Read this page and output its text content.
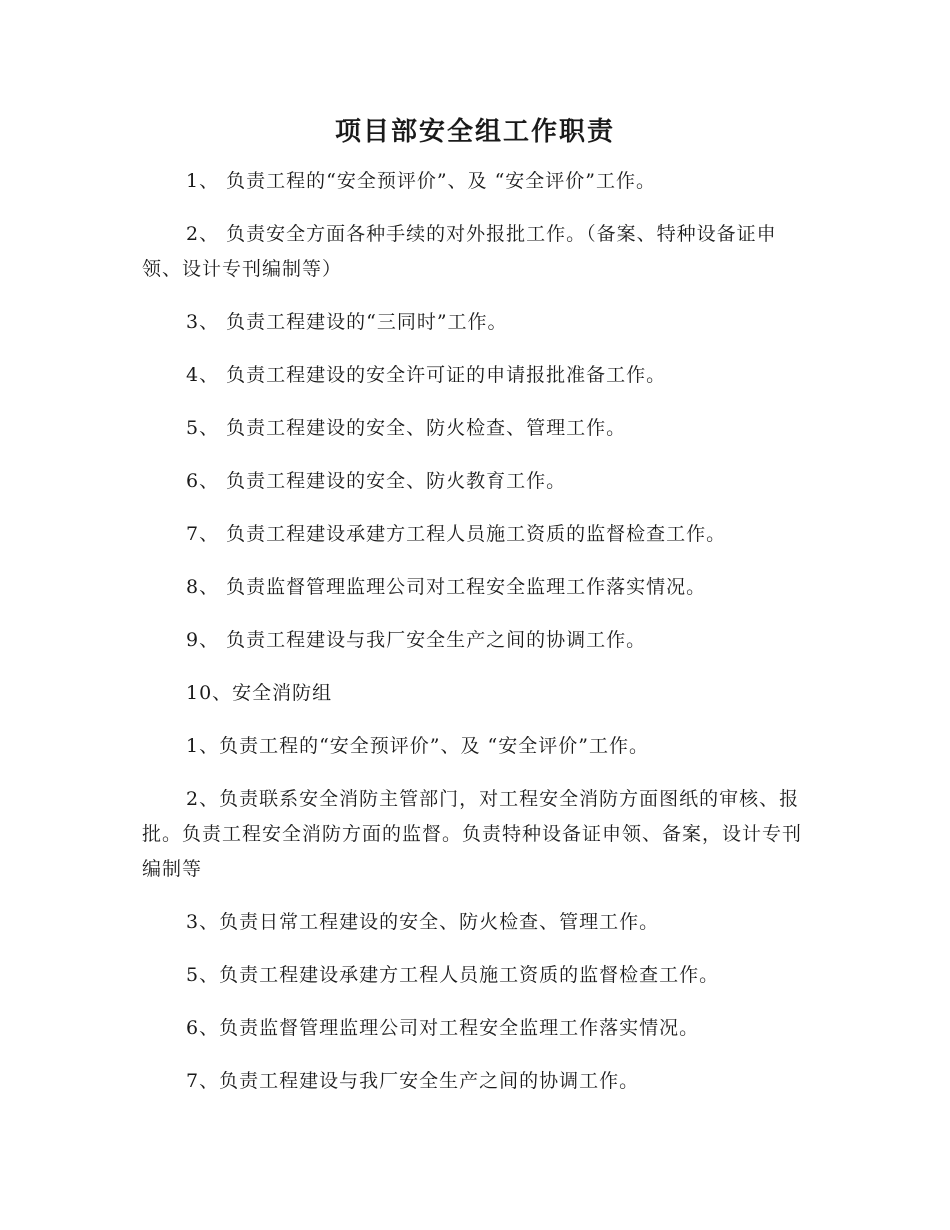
项目部安全组工作职责

1、 负责工程的“安全预评价”、及 “安全评价”工作。

2、 负责安全方面各种手续的对外报批工作。（备案、特种设备证申领、设计专刊编制等）

3、 负责工程建设的“三同时”工作。

4、 负责工程建设的安全许可证的申请报批准备工作。

5、 负责工程建设的安全、防火检查、管理工作。

6、 负责工程建设的安全、防火教育工作。

7、 负责工程建设承建方工程人员施工资质的监督检查工作。

8、 负责监督管理监理公司对工程安全监理工作落实情况。

9、 负责工程建设与我厂安全生产之间的协调工作。

10、安全消防组

1、负责工程的“安全预评价”、及 “安全评价”工作。

2、负责联系安全消防主管部门，对工程安全消防方面图纸的审核、报批。负责工程安全消防方面的监督。负责特种设备证申领、备案，设计专刊编制等

3、负责日常工程建设的安全、防火检查、管理工作。

5、负责工程建设承建方工程人员施工资质的监督检查工作。

6、负责监督管理监理公司对工程安全监理工作落实情况。

7、负责工程建设与我厂安全生产之间的协调工作。
